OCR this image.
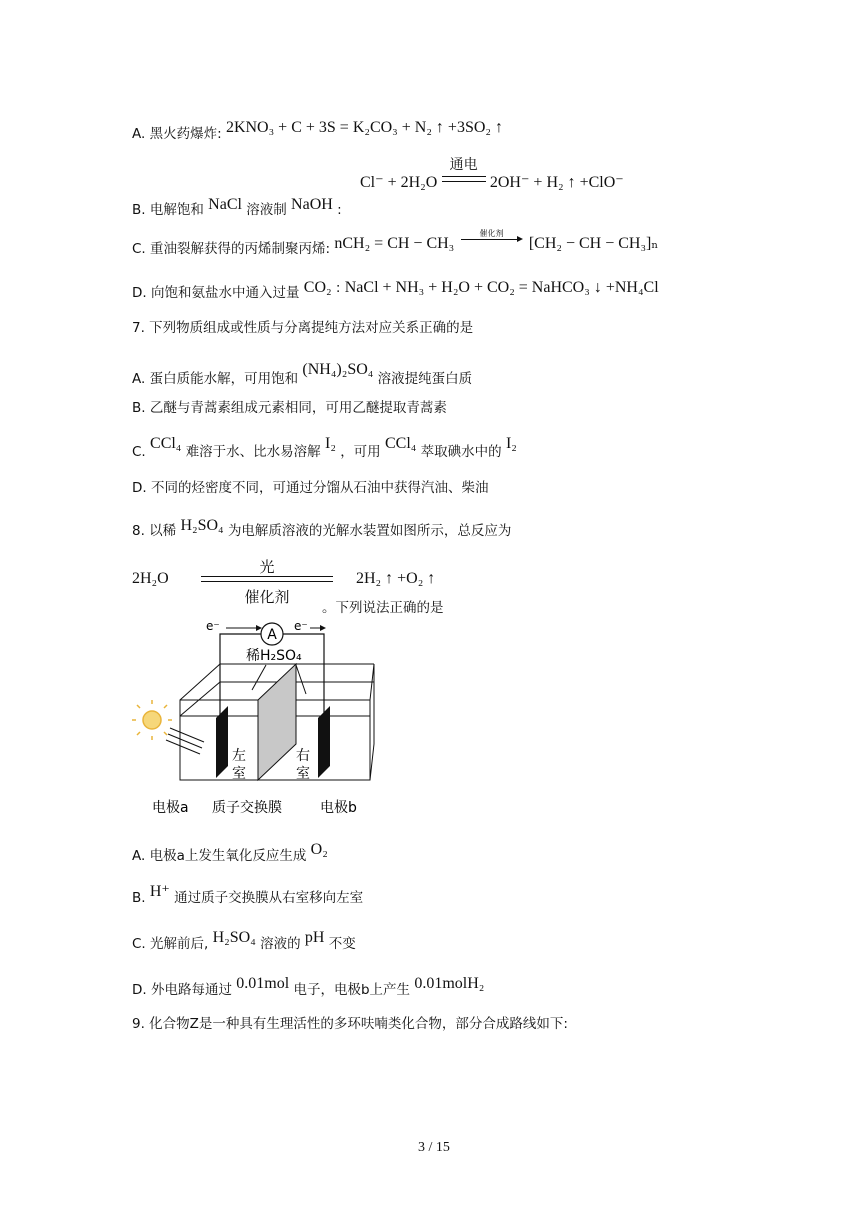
A. 黑火药爆炸: 2KNO₃ + C + 3S = K₂CO₃ + N₂ ↑ +3SO₂ ↑
B. 电解饱和 NaCl 溶液制 NaOH :
Cl⁻ + 2H₂O
通电
2OH⁻ + H₂ ↑ +ClO⁻
C. 重油裂解获得的丙烯制聚丙烯: nCH₂ = CH − CH₃
催化剂
[CH₂ − CH − CH₃]ₙ
D. 向饱和氨盐水中通入过量 CO₂ : NaCl + NH₃ + H₂O + CO₂ = NaHCO₃ ↓ +NH₄Cl
7. 下列物质组成或性质与分离提纯方法对应关系正确的是
A. 蛋白质能水解，可用饱和 (NH₄)₂SO₄ 溶液提纯蛋白质
B. 乙醚与青蒿素组成元素相同，可用乙醚提取青蒿素
C. CCl₄ 难溶于水、比水易溶解 I₂ ，可用 CCl₄ 萃取碘水中的 I₂
D. 不同的烃密度不同，可通过分馏从石油中获得汽油、柴油
8. 以稀 H₂SO₄ 为电解质溶液的光解水装置如图所示，总反应为
2H₂O
光
催化剂
2H₂ ↑ +O₂ ↑
。下列说法正确的是
A
e⁻	e⁻
稀H₂SO₄
左
室
右
室
电极a 质子交换膜	电极b
A. 电极a上发生氧化反应生成 O₂
B. H⁺ 通过质子交换膜从右室移向左室
C. 光解前后, H₂SO₄ 溶液的 pH 不变
D. 外电路每通过 0.01mol 电子，电极b上产生 0.01molH₂
9. 化合物Z是一种具有生理活性的多环呋喃类化合物，部分合成路线如下:
3 / 15
